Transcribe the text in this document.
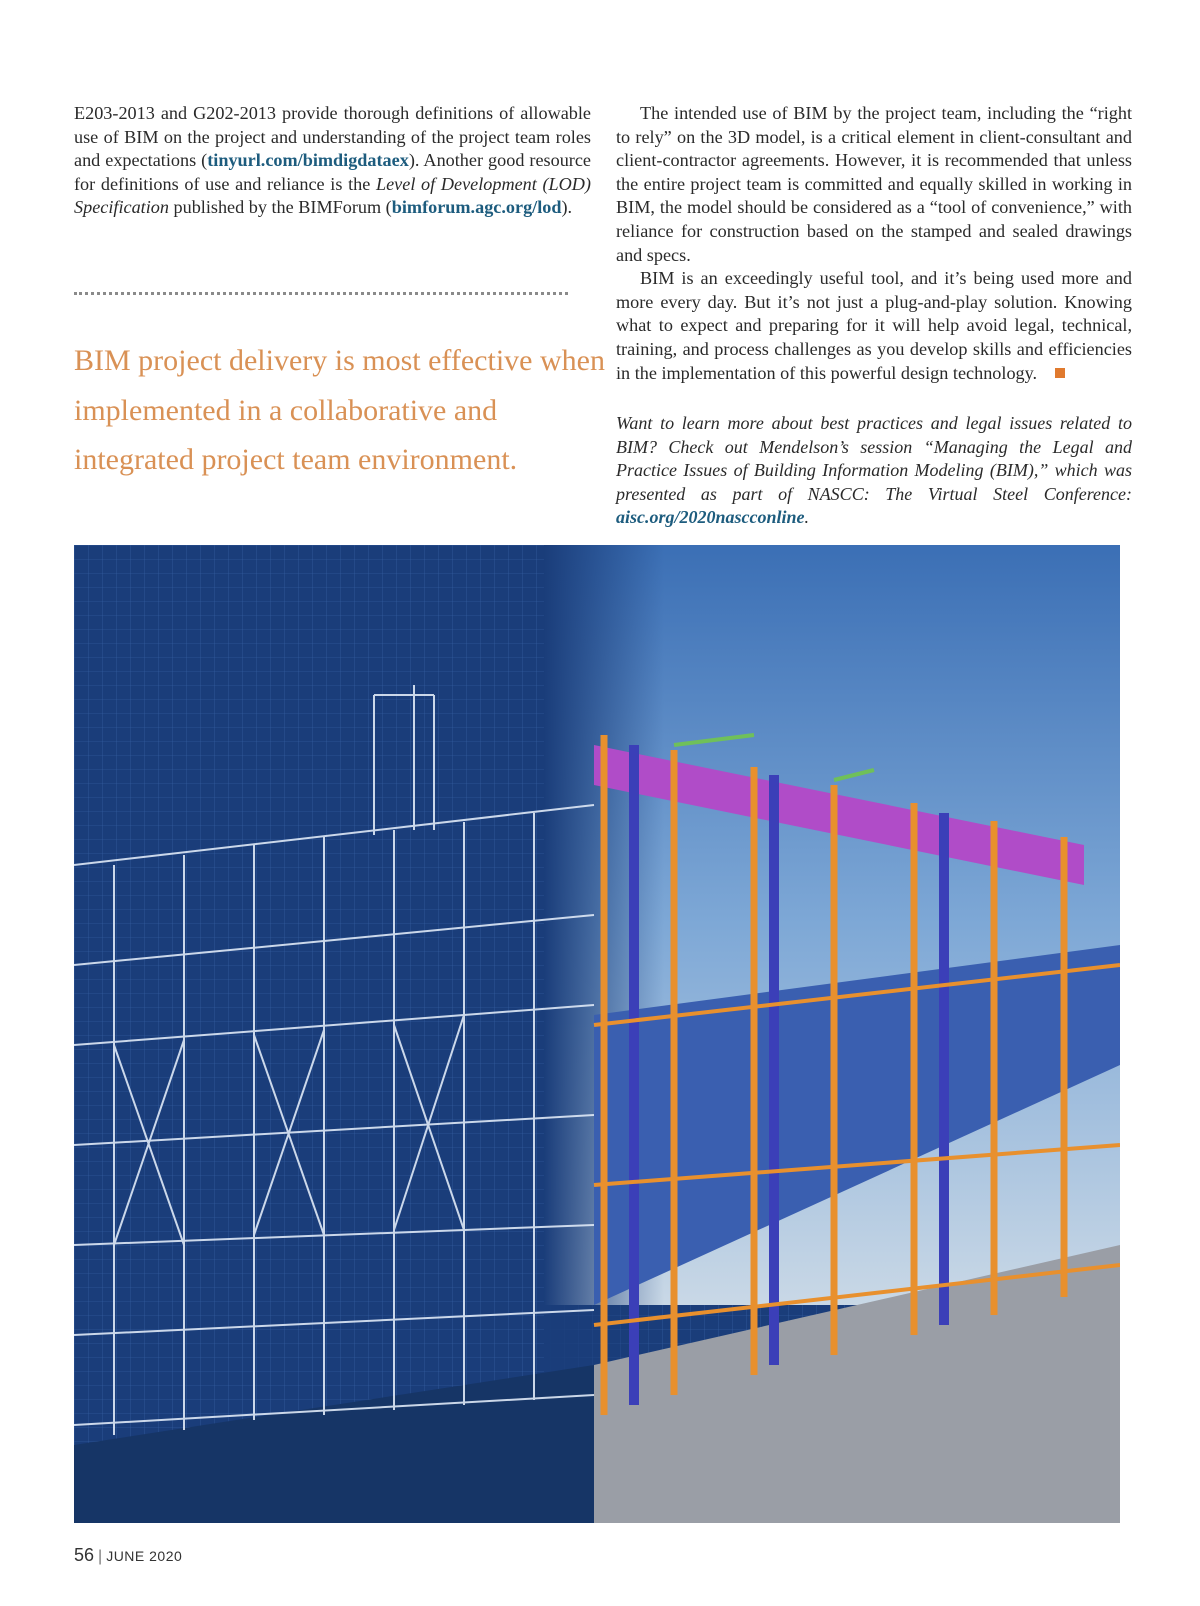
E203-2013 and G202-2013 provide thorough definitions of allowable use of BIM on the project and understanding of the project team roles and expectations (tinyurl.com/bimdigdataex). Another good resource for definitions of use and reliance is the Level of Development (LOD) Specification published by the BIMForum (bimforum.agc.org/lod).

BIM project delivery is most effective when implemented in a collaborative and integrated project team environment.

The intended use of BIM by the project team, including the “right to rely” on the 3D model, is a critical element in client-consultant and client-contractor agreements. However, it is recommended that unless the entire project team is committed and equally skilled in working in BIM, the model should be considered as a “tool of convenience,” with reliance for construction based on the stamped and sealed drawings and specs.

BIM is an exceedingly useful tool, and it’s being used more and more every day. But it’s not just a plug-and-play solution. Knowing what to expect and preparing for it will help avoid legal, technical, training, and process challenges as you develop skills and efficiencies in the implementation of this powerful design technology.

Want to learn more about best practices and legal issues related to BIM? Check out Mendelson’s session “Managing the Legal and Practice Issues of Building Information Modeling (BIM),” which was presented as part of NASCC: The Virtual Steel Conference: aisc.org/2020nascconline.
56 | JUNE 2020
